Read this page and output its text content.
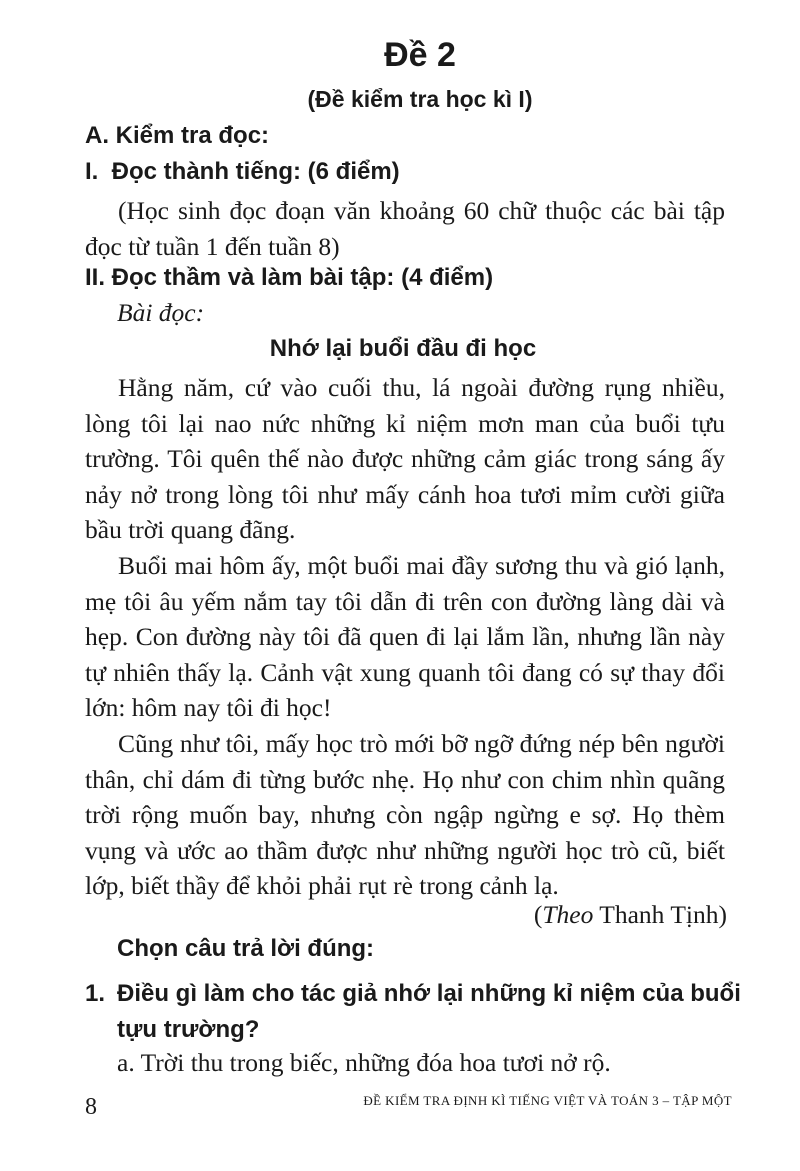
Đề 2
(Đề kiểm tra học kì I)
A. Kiểm tra đọc:
I.  Đọc thành tiếng: (6 điểm)

(Học sinh đọc đoạn văn khoảng 60 chữ thuộc các bài tập đọc từ tuần 1 đến tuần 8)

II. Đọc thầm và làm bài tập: (4 điểm)
Bài đọc:
Nhớ lại buổi đầu đi học

Hằng năm, cứ vào cuối thu, lá ngoài đường rụng nhiều, lòng tôi lại nao nức những kỉ niệm mơn man của buổi tựu trường. Tôi quên thế nào được những cảm giác trong sáng ấy nảy nở trong lòng tôi như mấy cánh hoa tươi mỉm cười giữa bầu trời quang đãng.

Buổi mai hôm ấy, một buổi mai đầy sương thu và gió lạnh, mẹ tôi âu yếm nắm tay tôi dẫn đi trên con đường làng dài và hẹp. Con đường này tôi đã quen đi lại lắm lần, nhưng lần này tự nhiên thấy lạ. Cảnh vật xung quanh tôi đang có sự thay đổi lớn: hôm nay tôi đi học!

Cũng như tôi, mấy học trò mới bỡ ngỡ đứng nép bên người thân, chỉ dám đi từng bước nhẹ. Họ như con chim nhìn quãng trời rộng muốn bay, nhưng còn ngập ngừng e sợ. Họ thèm vụng và ước ao thầm được như những người học trò cũ, biết lớp, biết thầy để khỏi phải rụt rè trong cảnh lạ.

(Theo Thanh Tịnh)
Chọn câu trả lời đúng:
1. Điều gì làm cho tác giả nhớ lại những kỉ niệm của buổi tựu trường?

a. Trời thu trong biếc, những đóa hoa tươi nở rộ.
8	ĐỀ KIỂM TRA ĐỊNH KÌ TIẾNG VIỆT VÀ TOÁN 3 – TẬP MỘT
